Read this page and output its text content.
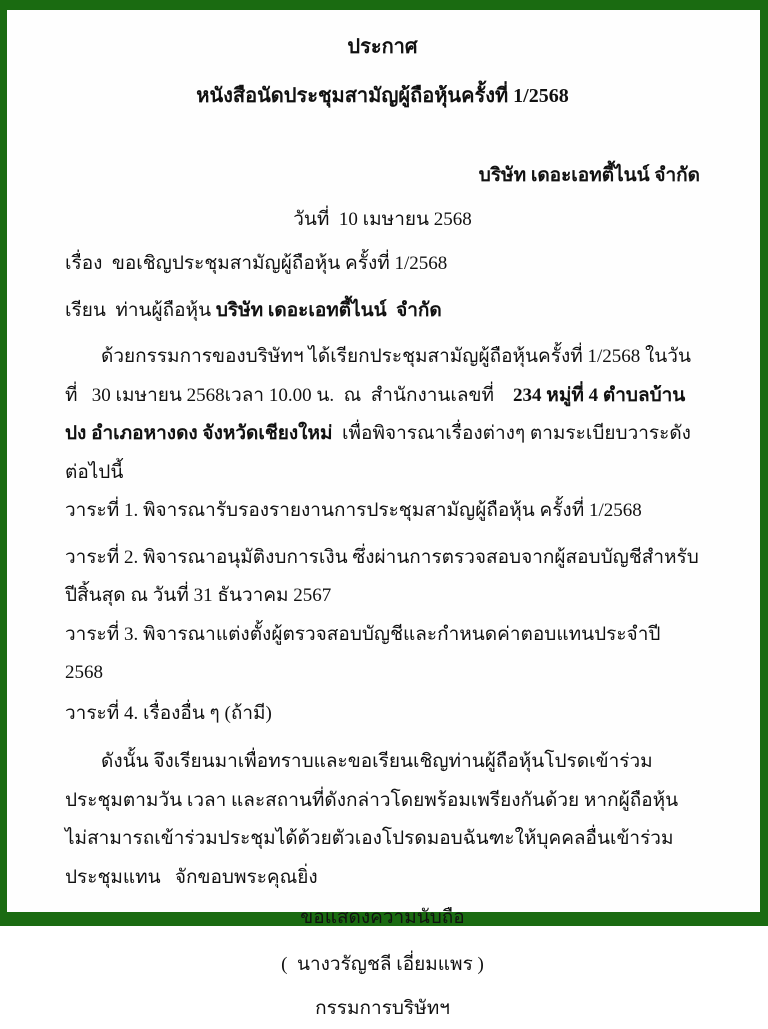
ประกาศ
หนังสือนัดประชุมสามัญผู้ถือหุ้นครั้งที่ 1/2568
บริษัท เดอะเอทตี้ไนน์ จำกัด
วันที่  10 เมษายน 2568

เรื่อง  ขอเชิญประชุมสามัญผู้ถือหุ้น ครั้งที่ 1/2568

เรียน  ท่านผู้ถือหุ้น บริษัท เดอะเอทตี้ไนน์  จำกัด

ด้วยกรรมการของบริษัทฯ ได้เรียกประชุมสามัญผู้ถือหุ้นครั้งที่ 1/2568 ในวันที่   30 เมษายน 2568เวลา 10.00 น.  ณ  สำนักงานเลขที่    234 หมู่ที่ 4 ตำบลบ้านปง อำเภอหางดง จังหวัดเชียงใหม่  เพื่อพิจารณาเรื่องต่างๆ ตามระเบียบวาระดังต่อไปนี้

วาระที่ 1. พิจารณารับรองรายงานการประชุมสามัญผู้ถือหุ้น ครั้งที่ 1/2568

วาระที่ 2. พิจารณาอนุมัติงบการเงิน ซึ่งผ่านการตรวจสอบจากผู้สอบบัญชีสำหรับปีสิ้นสุด ณ วันที่ 31 ธันวาคม 2567

วาระที่ 3. พิจารณาแต่งตั้งผู้ตรวจสอบบัญชีและกำหนดค่าตอบแทนประจำปี 2568

วาระที่ 4. เรื่องอื่น ๆ (ถ้ามี)

ดังนั้น จึงเรียนมาเพื่อทราบและขอเรียนเชิญท่านผู้ถือหุ้นโปรดเข้าร่วมประชุมตามวัน เวลา และสถานที่ดังกล่าวโดยพร้อมเพรียงกันด้วย หากผู้ถือหุ้นไม่สามารถเข้าร่วมประชุมได้ด้วยตัวเองโปรดมอบฉันฑะให้บุคคลอื่นเข้าร่วมประชุมแทน   จักขอบพระคุณยิ่ง

ขอแสดงความนับถือ
(  นางวรัญชลี เอี่ยมแพร )
กรรมการบริษัทฯ
